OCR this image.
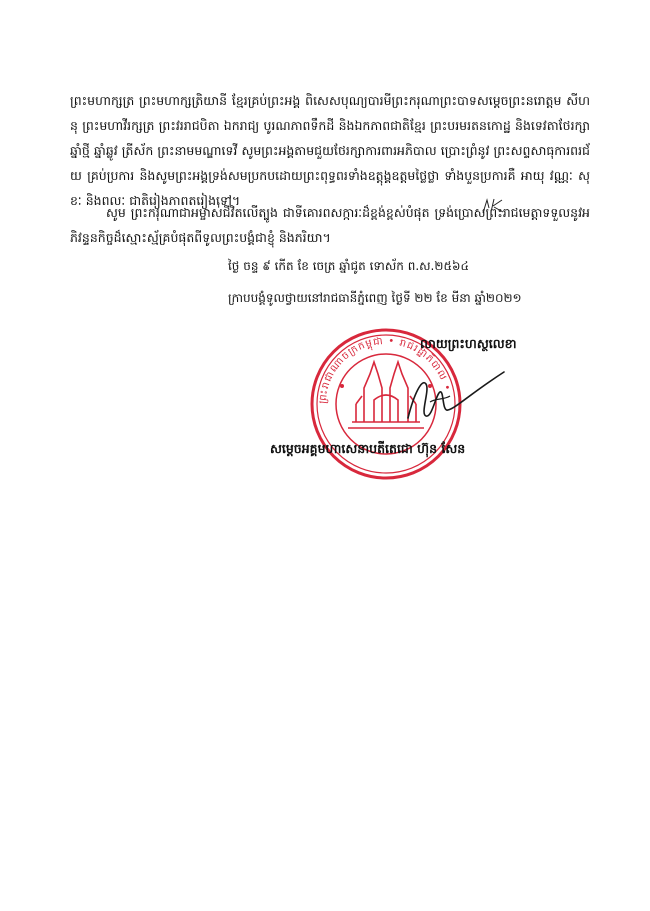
ព្រះមហាក្សត្រ ព្រះមហាក្សត្រិយានី ខ្មែរគ្រប់ព្រះអង្គ ពិសេសបុណ្យបារមីព្រះករុណាព្រះបាទសម្តេចព្រះនរោត្តម សីហនុ ព្រះមហាវីរក្សត្រ ព្រះវររាជបិតា ឯករាជ្យ បូរណភាពទឹកដី និងឯកភាពជាតិខ្មែរ ព្រះបរមរតនកោដ្ឋ និងទេវតាថែរក្សាឆ្នាំថ្មី ឆ្នាំឆ្លូវ ត្រីស័ក ព្រះនាមមណ្ឌាទេវី សូមព្រះអង្គតាមជួយថែរក្សាការពារអភិបាល ប្រោះព្រំនូវ ព្រះសព្ទសាធុការពរជ័យ គ្រប់ប្រការ និងសូមព្រះអង្គទ្រង់សមប្រកបដោយព្រះពុទ្ធពរទាំងឧត្តុង្គឧត្តមថ្លៃថ្លា ទាំងបួនប្រការគឺ អាយុ វណ្ណៈ សុខៈ និងពលៈ ជាតិរៀងភាពតរៀងទៅ។
សូម ព្រះករុណាជាអម្ចាស់ជីវិតលើត្បូង ជាទីគោរពសក្ការៈដ៏ខ្ពង់ខ្ពស់បំផុត ទ្រង់ប្រោសព្រះរាជមេត្តាទទួលនូវអភិវន្ទនកិច្ចដ៏ស្មោះស្ម័គ្របំផុតពីទូលព្រះបង្គំជាខ្ញុំ និងភរិយា។
ថ្ងៃ ចន្ទ ៩ កើត ខែ ចេត្រ ឆ្នាំជូត ទោស័ក ព.ស.២៥៦៤
ក្រាបបង្គំទូលថ្វាយនៅរាជធានីភ្នំពេញ ថ្ងៃទី ២២ ខែ មីនា ឆ្នាំ២០២១
ព្រះរាជាណាចក្រកម្ពុជា • រាជរដ្ឋាភិបាល •
លាយព្រះហស្ថលេខា
សម្តេចអគ្គមហាសេនាបតីតេជោ ហ៊ុន សែន
